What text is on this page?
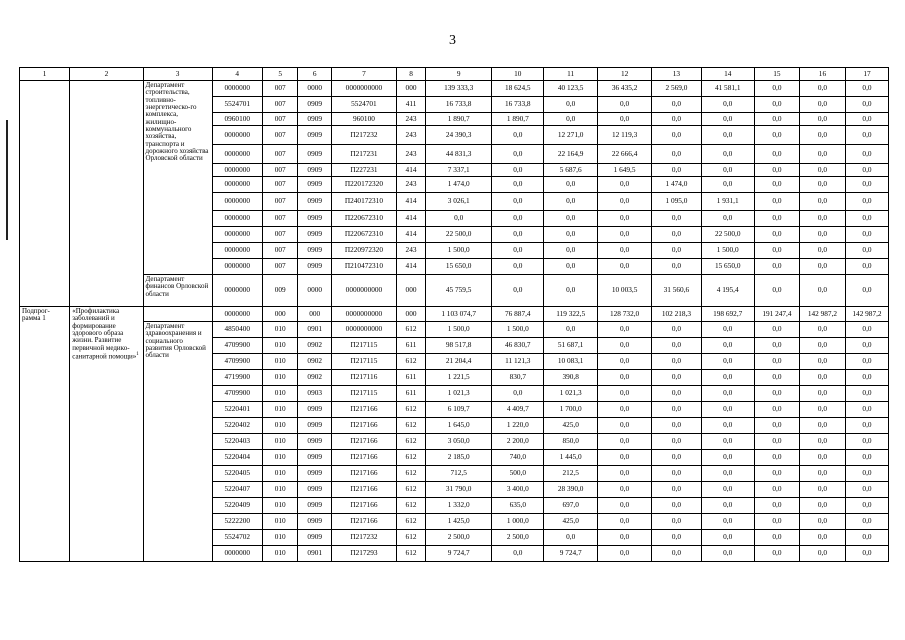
3
1	2	3	4	5	6	7	8	9	10	11	12	13	14	15	16	17
		Департамент строительства, топливно-энергетическо-го комплекса, жилищно-коммунального хозяйства, транспорта и дорожного хозяйства Орловской области	0000000	007	0000	0000000000	000	139 333,3	18 624,5	40 123,5	36 435,2	2 569,0	41 581,1	0,0	0,0	0,0
			5524701	007	0909	5524701	411	16 733,8	16 733,8	0,0	0,0	0,0	0,0	0,0	0,0	0,0
			0960100	007	0909	960100	243	1 890,7	1 890,7	0,0	0,0	0,0	0,0	0,0	0,0	0,0
			0000000	007	0909	П217232	243	24 390,3	0,0	12 271,0	12 119,3	0,0	0,0	0,0	0,0	0,0
			0000000	007	0909	П217231	243	44 831,3	0,0	22 164,9	22 666,4	0,0	0,0	0,0	0,0	0,0
			0000000	007	0909	П227231	414	7 337,1	0,0	5 687,6	1 649,5	0,0	0,0	0,0	0,0	0,0
			0000000	007	0909	П220172320	243	1 474,0	0,0	0,0	0,0	1 474,0	0,0	0,0	0,0	0,0
			0000000	007	0909	П240172310	414	3 026,1	0,0	0,0	0,0	1 095,0	1 931,1	0,0	0,0	0,0
			0000000	007	0909	П220672310	414	0,0	0,0	0,0	0,0	0,0	0,0	0,0	0,0	0,0
			0000000	007	0909	П220672310	414	22 500,0	0,0	0,0	0,0	0,0	22 500,0	0,0	0,0	0,0
			0000000	007	0909	П220972320	243	1 500,0	0,0	0,0	0,0	0,0	1 500,0	0,0	0,0	0,0
			0000000	007	0909	П210472310	414	15 650,0	0,0	0,0	0,0	0,0	15 650,0	0,0	0,0	0,0
		Департамент финансов Орловской области	0000000	009	0000	0000000000	000	45 759,5	0,0	0,0	10 003,5	31 560,6	4 195,4	0,0	0,0	0,0
Подпрог-рамма 1	«Профилактика заболеваний и формирование здорового образа жизни. Развитие первичной медико-санитарной помощи»$^1$		0000000	000	000	0000000000	000	1 103 074,7	76 887,4	119 322,5	128 732,0	102 218,3	198 692,7	191 247,4	142 987,2	142 987,2
		Департамент здравоохранения и социального развития Орловской области	4850400	010	0901	0000000000	612	1 500,0	1 500,0	0,0	0,0	0,0	0,0	0,0	0,0	0,0
			4709900	010	0902	П217115	611	98 517,8	46 830,7	51 687,1	0,0	0,0	0,0	0,0	0,0	0,0
			4709900	010	0902	П217115	612	21 204,4	11 121,3	10 083,1	0,0	0,0	0,0	0,0	0,0	0,0
			4719900	010	0902	П217116	611	1 221,5	830,7	390,8	0,0	0,0	0,0	0,0	0,0	0,0
			4709900	010	0903	П217115	611	1 021,3	0,0	1 021,3	0,0	0,0	0,0	0,0	0,0	0,0
			5220401	010	0909	П217166	612	6 109,7	4 409,7	1 700,0	0,0	0,0	0,0	0,0	0,0	0,0
			5220402	010	0909	П217166	612	1 645,0	1 220,0	425,0	0,0	0,0	0,0	0,0	0,0	0,0
			5220403	010	0909	П217166	612	3 050,0	2 200,0	850,0	0,0	0,0	0,0	0,0	0,0	0,0
			5220404	010	0909	П217166	612	2 185,0	740,0	1 445,0	0,0	0,0	0,0	0,0	0,0	0,0
			5220405	010	0909	П217166	612	712,5	500,0	212,5	0,0	0,0	0,0	0,0	0,0	0,0
			5220407	010	0909	П217166	612	31 790,0	3 400,0	28 390,0	0,0	0,0	0,0	0,0	0,0	0,0
			5220409	010	0909	П217166	612	1 332,0	635,0	697,0	0,0	0,0	0,0	0,0	0,0	0,0
			5222200	010	0909	П217166	612	1 425,0	1 000,0	425,0	0,0	0,0	0,0	0,0	0,0	0,0
			5524702	010	0909	П217232	612	2 500,0	2 500,0	0,0	0,0	0,0	0,0	0,0	0,0	0,0
			0000000	010	0901	П217293	612	9 724,7	0,0	9 724,7	0,0	0,0	0,0	0,0	0,0	0,0
